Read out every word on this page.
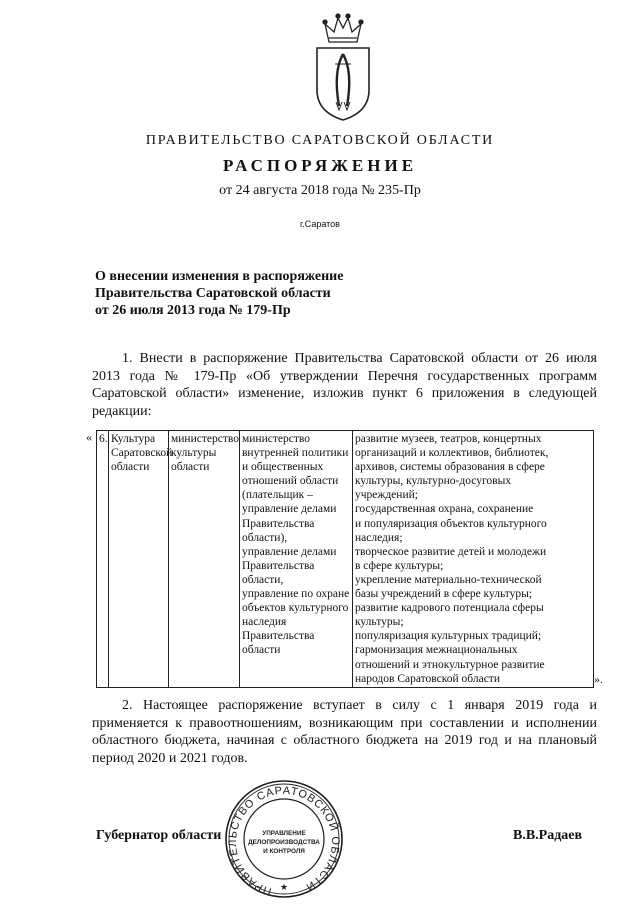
ПРАВИТЕЛЬСТВО САРАТОВСКОЙ ОБЛАСТИ
РАСПОРЯЖЕНИЕ
от 24 августа 2018 года № 235-Пр
г.Саратов
О внесении изменения в распоряжение
Правительства Саратовской области
от 26 июля 2013 года № 179-Пр
1. Внести в распоряжение Правительства Саратовской области от 26 июля 2013 года № 179-Пр «Об утверждении Перечня государственных программ Саратовской области» изменение, изложив пункт 6 приложения в следующей редакции:
« 6.	Культура
Саратовской
области

министерство
культуры
области

министерство
внутренней политики
и общественных
отношений области
(плательщик –
управление делами
Правительства
области),
управление делами
Правительства
области,
управление по охране
объектов культурного
наследия
Правительства
области

развитие музеев, театров, концертных
организаций и коллективов, библиотек,
архивов, системы образования в сфере
культуры, культурно-досуговых
учреждений;
государственная охрана, сохранение
и популяризация объектов культурного
наследия;
творческое развитие детей и молодежи
в сфере культуры;
укрепление материально-технической
базы учреждений в сфере культуры;
развитие кадрового потенциала сферы
культуры;
популяризация культурных традиций;
гармонизация межнациональных
отношений и этнокультурное развитие
народов Саратовской области	».
2. Настоящее распоряжение вступает в силу с 1 января 2019 года и применяется к правоотношениям, возникающим при составлении и исполнении областного бюджета, начиная с областного бюджета на 2019 год и на плановый период 2020 и 2021 годов.
Губернатор области	В.В.Радаев
ПРАВИТЕЛЬСТВО САРАТОВСКОЙ ОБЛАСТИ
УПРАВЛЕНИЕ
ДЕЛОПРОИЗВОДСТВА
И КОНТРОЛЯ
★
